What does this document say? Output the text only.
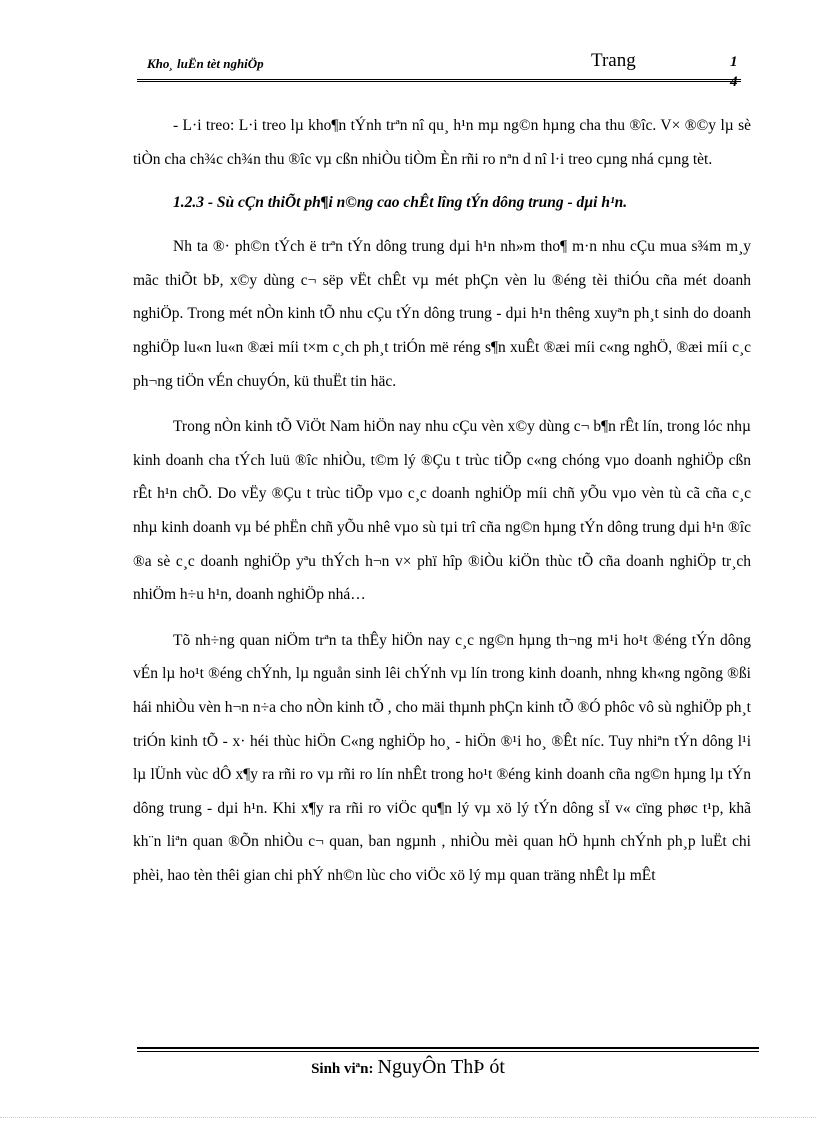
Kho¸ luËn tèt nghiÖp	Trang	1
4

- L·i treo: L·i treo lµ kho¶n tÝnh trªn nî qu¸ h¹n mµ ng©n hµng cha thu ®îc. V× ®©y lµ sè tiÒn cha ch¾c ch¾n thu ®îc vµ cßn nhiÒu tiÒm Èn rñi ro nªn d nî l·i treo cµng nhá cµng tèt.

1.2.3 - Sù cÇn thiÕt ph¶i n©ng cao chÊt lîng tÝn dông trung - dµi h¹n.

Nh ta ®· ph©n tÝch ë trªn tÝn dông trung dµi h¹n nh»m tho¶ m·n nhu cÇu mua s¾m m¸y mãc thiÕt bÞ, x©y dùng c¬ sëp vËt chÊt vµ mét phÇn vèn lu ®éng tèi thiÓu cña mét doanh nghiÖp. Trong mét nÒn kinh tÕ nhu cÇu tÝn dông trung - dµi h¹n thêng xuyªn ph¸t sinh do doanh nghiÖp lu«n lu«n ®æi míi t×m c¸ch ph¸t triÓn më réng s¶n xuÊt ®æi míi c«ng nghÖ, ®æi míi c¸c ph¬ng tiÖn vÉn chuyÓn, kü thuËt tin häc.

Trong nÒn kinh tÕ ViÖt Nam hiÖn nay nhu cÇu vèn x©y dùng c¬ b¶n rÊt lín, trong lóc nhµ kinh doanh cha tÝch luü ®îc nhiÒu, t©m lý ®Çu t trùc tiÕp c«ng chóng vµo doanh nghiÖp cßn rÊt h¹n chÕ. Do vËy ®Çu t trùc tiÕp vµo c¸c doanh nghiÖp míi chñ yÕu vµo vèn tù cã cña c¸c nhµ kinh doanh vµ bé phËn chñ yÕu nhê vµo sù tµi trî cña ng©n hµng tÝn dông trung dµi h¹n ®îc ®a sè c¸c doanh nghiÖp yªu thÝch h¬n v× phï hîp ®iÒu kiÖn thùc tÕ cña doanh nghiÖp tr¸ch nhiÖm h÷u h¹n, doanh nghiÖp nhá…

Tõ nh÷ng quan niÖm trªn ta thÊy hiÖn nay c¸c ng©n hµng th¬ng m¹i ho¹t ®éng tÝn dông vÉn lµ ho¹t ®éng chÝnh, lµ nguån sinh lêi chÝnh vµ lín trong kinh doanh, nhng kh«ng ngõng ®ßi hái nhiÒu vèn h¬n n÷a cho nÒn kinh tÕ , cho mäi thµnh phÇn kinh tÕ ®Ó phôc vô sù nghiÖp ph¸t triÓn kinh tÕ - x· héi thùc hiÖn C«ng nghiÖp ho¸ - hiÖn ®¹i ho¸ ®Êt níc. Tuy nhiªn tÝn dông l¹i lµ lÜnh vùc dÔ x¶y ra rñi ro vµ rñi ro lín nhÊt trong ho¹t ®éng kinh doanh cña ng©n hµng lµ tÝn dông trung - dµi h¹n. Khi x¶y ra rñi ro viÖc qu¶n lý vµ xö lý tÝn dông sÏ v« cïng phøc t¹p, khã kh¨n liªn quan ®Õn nhiÒu c¬ quan, ban ngµnh , nhiÒu mèi quan hÖ hµnh chÝnh ph¸p luËt chi phèi, hao tèn thêi gian chi phÝ nh©n lùc cho viÖc xö lý mµ quan träng nhÊt lµ mÊt

Sinh viªn: NguyÔn ThÞ ót
